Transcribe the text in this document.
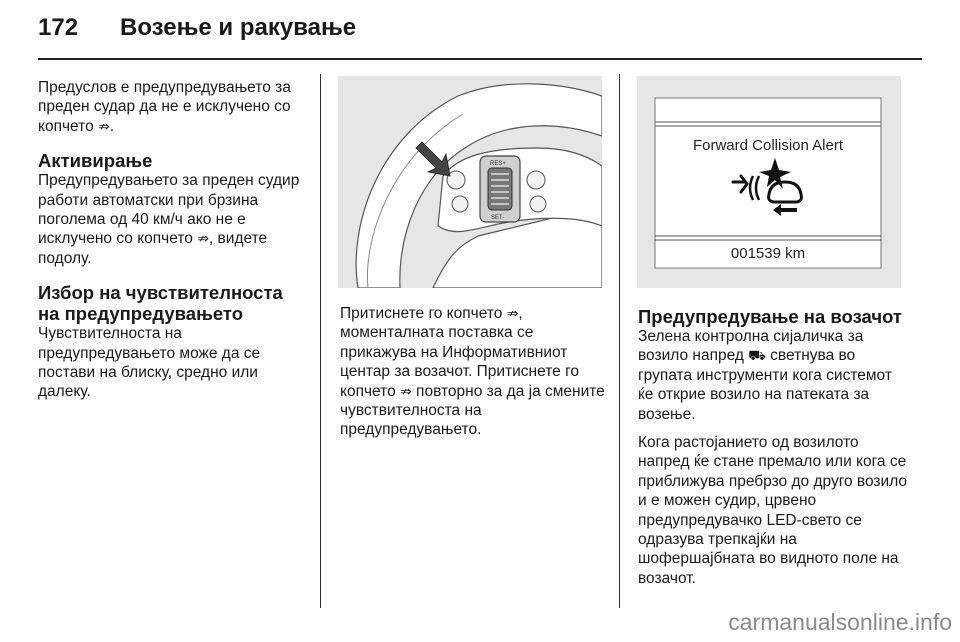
172 Возење и ракување

Предуслов е предупредувањето за преден судар да не е исклучено со копчето ⇏.

Активирање

Предупредувањето за преден судир работи автоматски при брзина поголема од 40 км/ч ако не е исклучено со копчето ⇏, видете подолу.

Избор на чувствителноста на предупредувањето

Чувствителноста на предупредувањето може да се постави на блиску, средно или далеку.

RES+
SET-

Притиснете го копчето ⇏, моменталната поставка се прикажува на Информативниот центар за возачот. Притиснете го копчето ⇏ повторно за да ја смените чувствителноста на предупредувањето.

Forward Collision Alert
001539 km
Предупредување на возачот

Зелена контролна сијаличка за возило напред ⛟ светнува во групата инструменти кога системот ќе открие возило на патеката за возење.

Кога растојанието од возилото напред ќе стане премало или кога се приближува пребрзо до друго возило и е можен судир, црвено предупредувачко LED-свето се одразува трепкајќи на шофершајбната во видното поле на возачот.

carmanualsonline.info
